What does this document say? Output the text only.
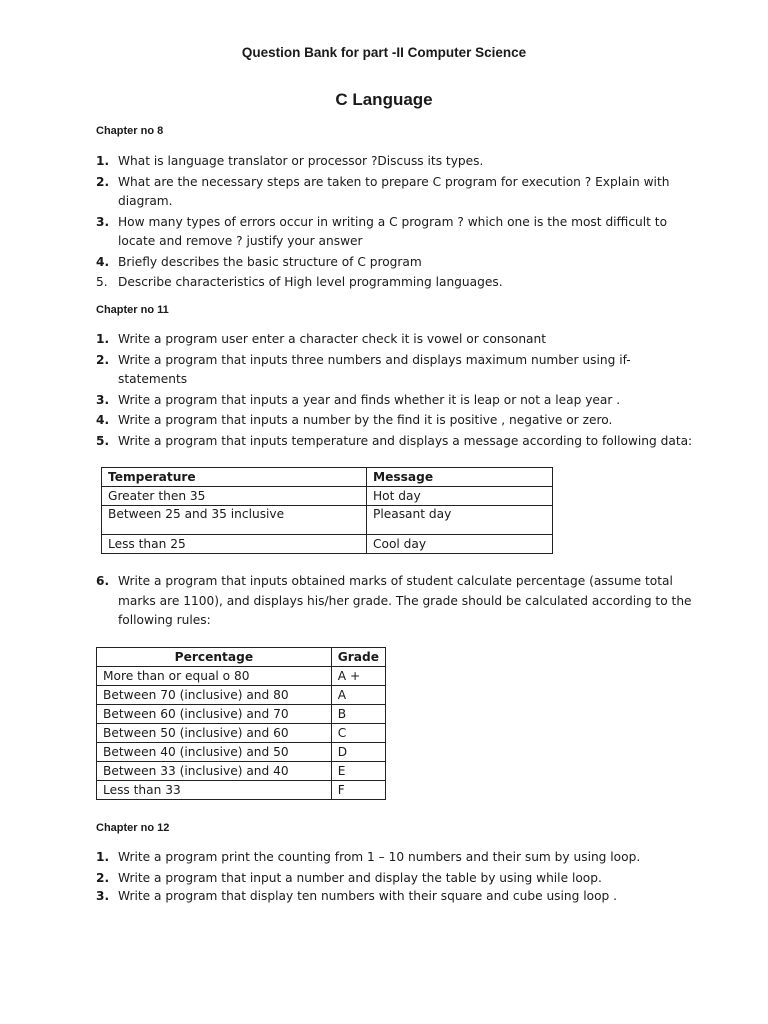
Question Bank for part -II Computer Science
C Language
Chapter no 8
1. What is language translator or processor ?Discuss its types.
2. What are the necessary steps are taken to prepare C program for execution ? Explain with diagram.
3. How many types of errors occur in writing a C program ? which one is the most difficult to locate and remove ? justify your answer
4. Briefly describes the basic structure of C program
5. Describe characteristics of High level programming languages.
Chapter no 11
1. Write a program user enter a character check it is vowel or consonant
2. Write a program that inputs three numbers and displays maximum number using if-statements
3. Write a program that inputs a year and finds whether it is leap or not a leap year .
4. Write a program that inputs a number by the find it is positive , negative or zero.
5. Write a program that inputs temperature and displays a message according to following data:
Temperature	Message
Greater then 35	Hot day
Between 25 and 35 inclusive	Pleasant day
Less than 25	Cool day
6. Write a program that inputs obtained marks of student calculate percentage (assume total marks are 1100), and displays his/her grade. The grade should be calculated according to the following rules:
Percentage	Grade
More than or equal o 80	A +
Between 70 (inclusive) and 80	A
Between 60 (inclusive) and 70	B
Between 50 (inclusive) and 60	C
Between 40 (inclusive) and 50	D
Between 33 (inclusive) and 40	E
Less than 33	F
Chapter no 12
1. Write a program print the counting from 1 – 10 numbers and their sum by using loop.
2. Write a program that input a number and display the table by using while loop.
3. Write a program that display ten numbers with their square and cube using loop .
